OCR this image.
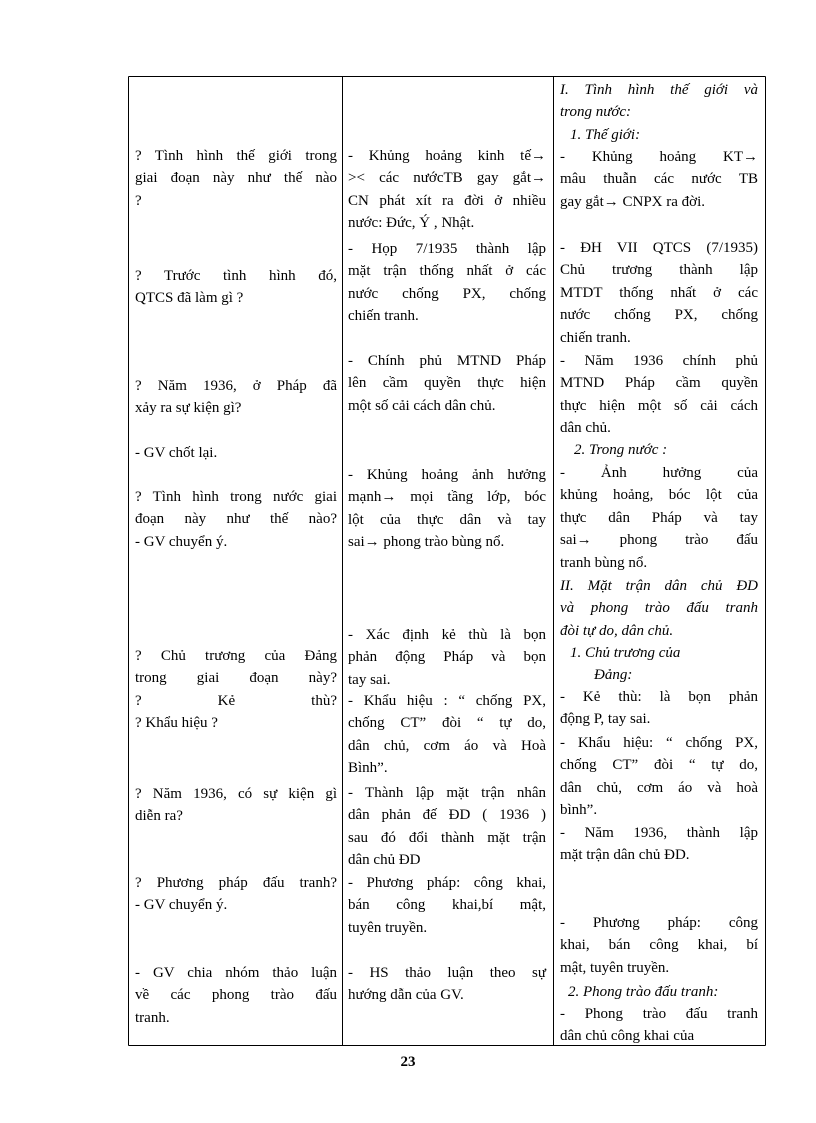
? Tình hình thế giới trong
giai đoạn này như thế nào
?
? Trước tình hình đó,
QTCS đã làm gì ?
? Năm 1936, ở Pháp đã
xảy ra sự kiện gì?
- GV chốt lại.
? Tình hình trong nước giai
đoạn này như thế nào?
- GV chuyển ý.
? Chủ trương của Đảng
trong giai đoạn này?
? Kẻ thù?
? Khẩu hiệu ?
? Năm 1936, có sự kiện gì
diễn ra?
? Phương pháp đấu tranh?
- GV chuyển ý.
- GV chia nhóm thảo luận
về các phong trào đấu
tranh.
- Khủng hoảng kinh tế→
>< các nướcTB gay gắt→
CN phát xít ra đời ở nhiều
nước: Đức, Ý , Nhật.
- Họp 7/1935 thành lập
mặt trận thống nhất ở các
nước chống PX, chống
chiến tranh.
- Chính phủ MTND Pháp
lên cầm quyền thực hiện
một số cải cách dân chủ.
- Khủng hoảng ảnh hưởng
mạnh→ mọi tầng lớp, bóc
lột của thực dân và tay
sai→ phong trào bùng nổ.
- Xác định kẻ thù là bọn
phản động Pháp và bọn
tay sai.
- Khẩu hiệu : “ chống PX,
chống CT” đòi “ tự do,
dân chủ, cơm áo và Hoà
Bình”.
- Thành lập mặt trận nhân
dân phản đế ĐD ( 1936 )
sau đó đổi thành mặt trận
dân chủ ĐD
- Phương pháp: công khai,
bán công khai,bí mật,
tuyên truyền.
- HS thảo luận theo sự
hướng dẫn của GV.
I. Tình hình thế giới và
trong nước:
1. Thế giới:
- Khủng hoảng KT→
mâu thuẫn các nước TB
gay gắt→ CNPX ra đời.
- ĐH VII QTCS (7/1935)
Chủ trương thành lập
MTDT thống nhất ở các
nước chống PX, chống
chiến tranh.
- Năm 1936 chính phủ
MTND Pháp cầm quyền
thực hiện một số cải cách
dân chủ.
2. Trong nước :
- Ảnh hưởng của
khủng hoảng, bóc lột của
thực dân Pháp và tay
sai→ phong trào đấu
tranh bùng nổ.
II. Mặt trận dân chủ ĐD
và phong trào đấu tranh
đòi tự do, dân chủ.
1. Chủ trương của
Đảng:
- Kẻ thù: là bọn phản
động P, tay sai.
- Khẩu hiệu: “ chống PX,
chống CT” đòi “ tự do,
dân chủ, cơm áo và hoà
bình”.
- Năm 1936, thành lập
mặt trận dân chủ ĐD.
- Phương pháp: công
khai, bán công khai, bí
mật, tuyên truyền.
2. Phong trào đấu tranh:
- Phong trào đấu tranh
dân chủ công khai của
23
